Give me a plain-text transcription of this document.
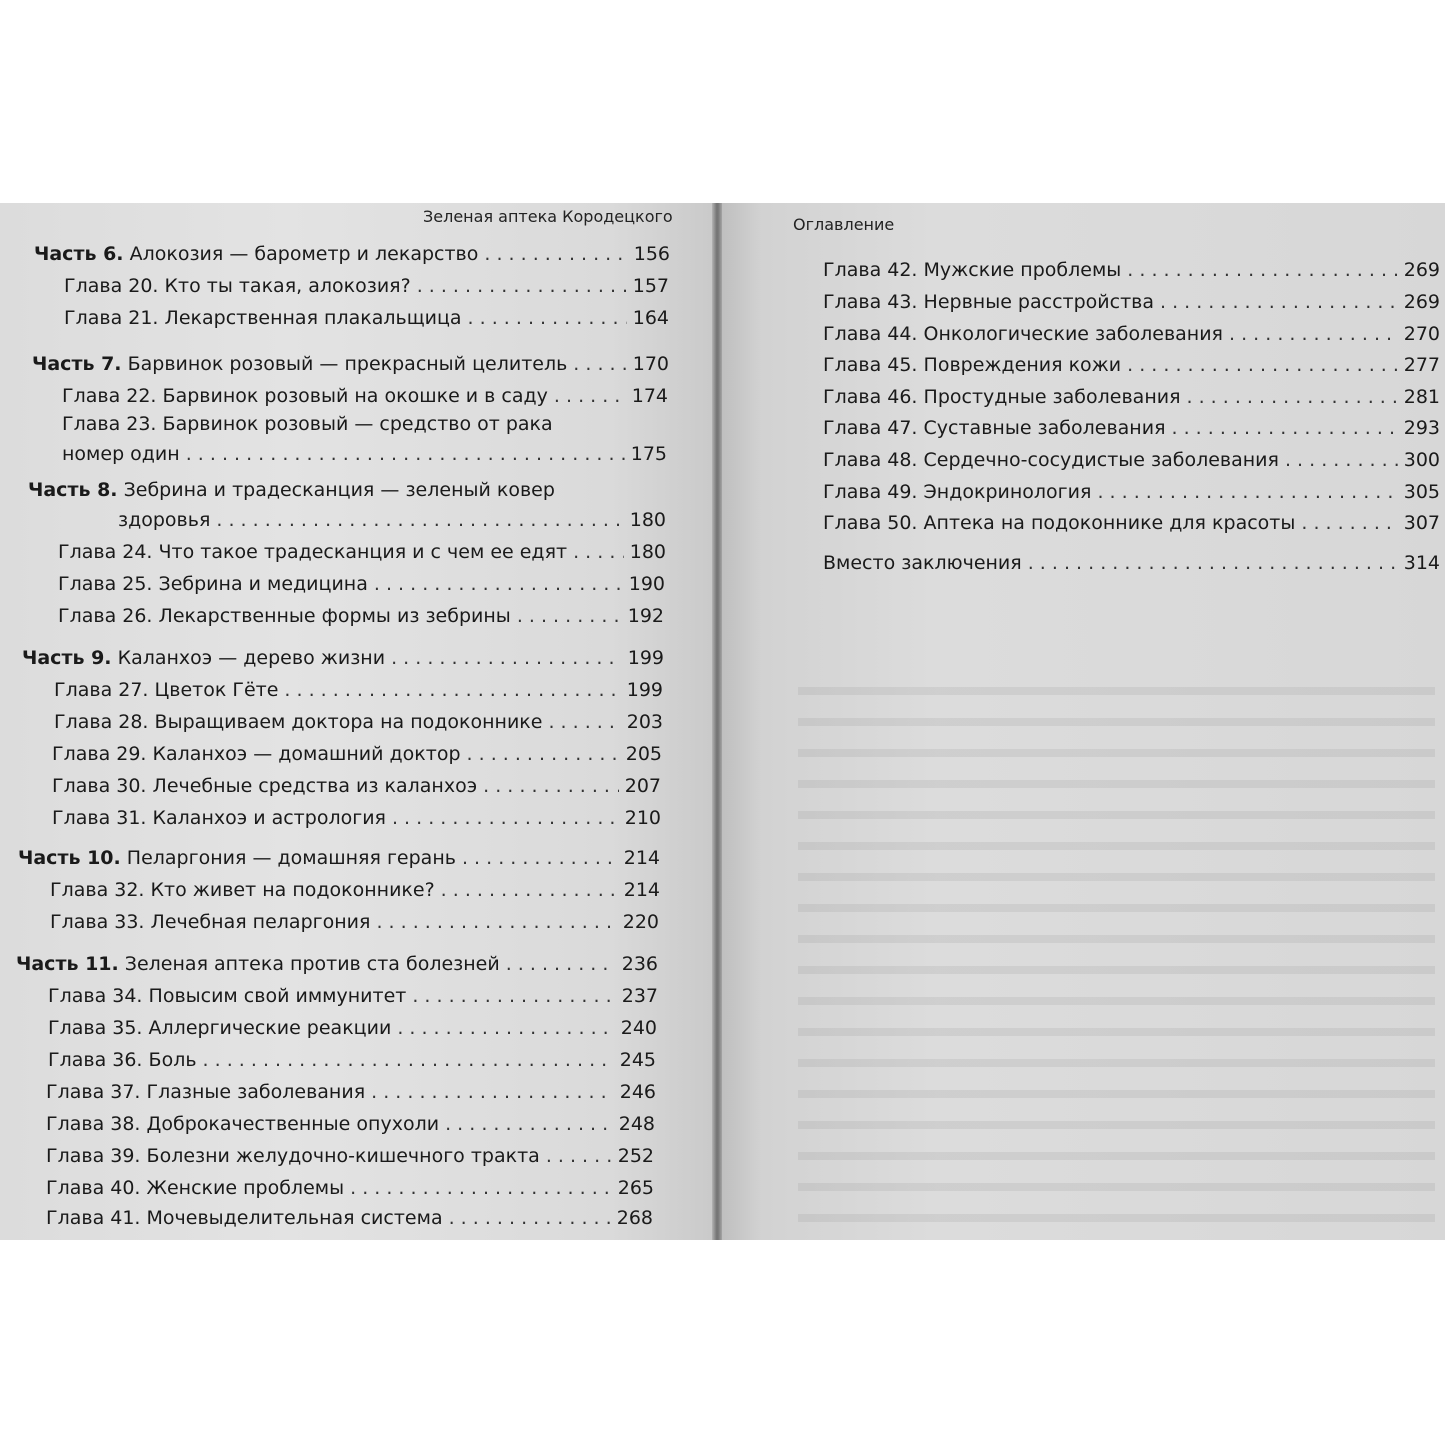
Зеленая аптека Кородецкого
Часть 6. Алокозия — барометр и лекарство . . .	156
Глава 20. Кто ты такая, алокозия? . . .	157
Глава 21. Лекарственная плакальщица . . .	164
Часть 7. Барвинок розовый — прекрасный целитель . . .	170
Глава 22. Барвинок розовый на окошке и в саду . . .	174
Глава 23. Барвинок розовый — средство от рака
номер один . . .	175
Часть 8. Зебрина и традесканция — зеленый ковер
здоровья . . .	180
Глава 24. Что такое традесканция и с чем ее едят . . .	180
Глава 25. Зебрина и медицина . . .	190
Глава 26. Лекарственные формы из зебрины . . .	192
Часть 9. Каланхоэ — дерево жизни . . .	199
Глава 27. Цветок Гёте . . .	199
Глава 28. Выращиваем доктора на подоконнике . . .	203
Глава 29. Каланхоэ — домашний доктор . . .	205
Глава 30. Лечебные средства из каланхоэ . . .	207
Глава 31. Каланхоэ и астрология . . .	210
Часть 10. Пеларгония — домашняя герань . . .	214
Глава 32. Кто живет на подоконнике? . . .	214
Глава 33. Лечебная пеларгония . . .	220
Часть 11. Зеленая аптека против ста болезней . . .	236
Глава 34. Повысим свой иммунитет . . .	237
Глава 35. Аллергические реакции . . .	240
Глава 36. Боль . . .	245
Глава 37. Глазные заболевания . . .	246
Глава 38. Доброкачественные опухоли . . .	248
Глава 39. Болезни желудочно-кишечного тракта . . .	252
Глава 40. Женские проблемы . . .	265
Глава 41. Мочевыделительная система . . .	268
Оглавление
Глава 42. Мужские проблемы . . .	269
Глава 43. Нервные расстройства . . .	269
Глава 44. Онкологические заболевания . . .	270
Глава 45. Повреждения кожи . . .	277
Глава 46. Простудные заболевания . . .	281
Глава 47. Суставные заболевания . . .	293
Глава 48. Сердечно-сосудистые заболевания . . .	300
Глава 49. Эндокринология . . .	305
Глава 50. Аптека на подоконнике для красоты . . .	307
Вместо заключения . . .	314
